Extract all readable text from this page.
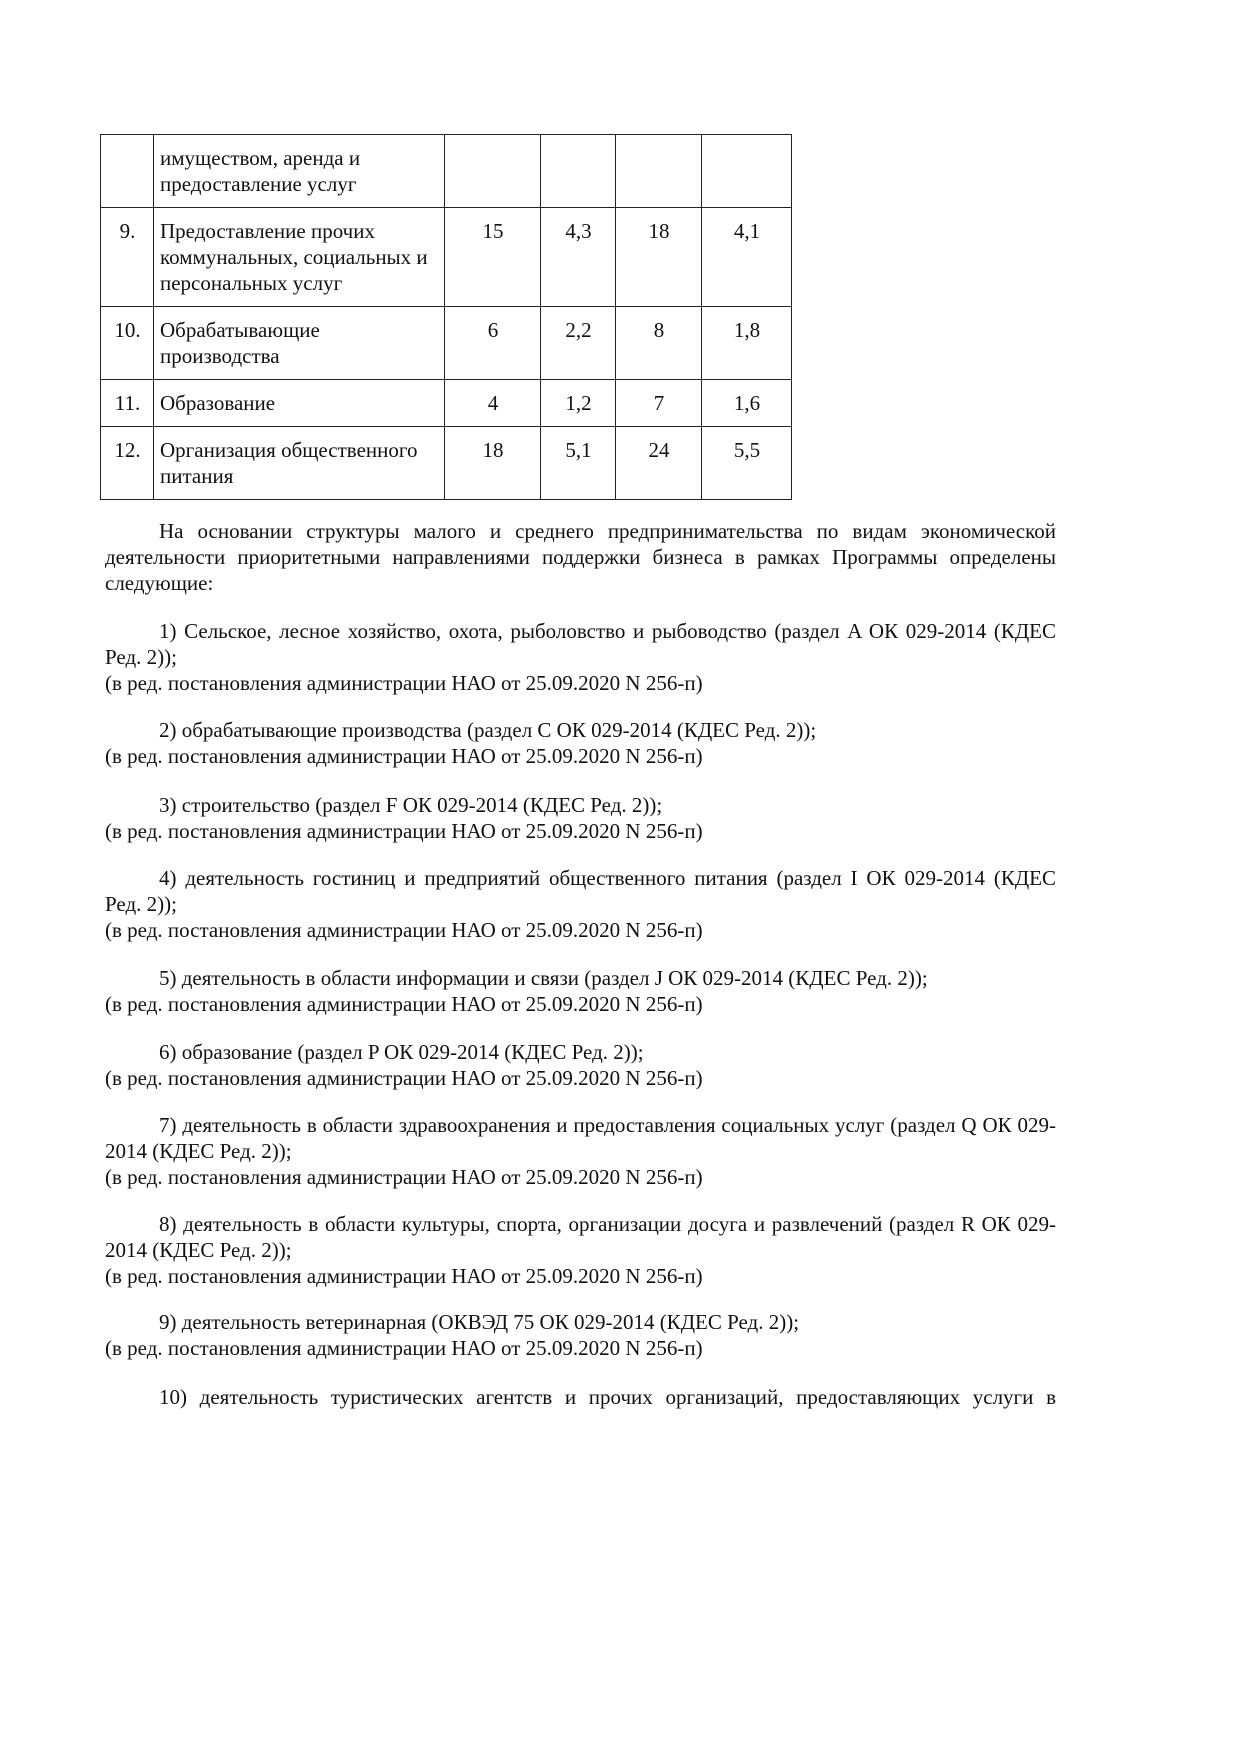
	имуществом, аренда и предоставление услуг				
9.	Предоставление прочих коммунальных, социальных и персональных услуг	15	4,3	18	4,1
10.	Обрабатывающие производства	6	2,2	8	1,8
11.	Образование	4	1,2	7	1,6
12.	Организация общественного питания	18	5,1	24	5,5

На основании структуры малого и среднего предпринимательства по видам экономической деятельности приоритетными направлениями поддержки бизнеса в рамках Программы определены следующие:

1) Сельское, лесное хозяйство, охота, рыболовство и рыбоводство (раздел A ОК 029-2014 (КДЕС Ред. 2));

(в ред. постановления администрации НАО от 25.09.2020 N 256-п)

2) обрабатывающие производства (раздел C ОК 029-2014 (КДЕС Ред. 2));

(в ред. постановления администрации НАО от 25.09.2020 N 256-п)

3) строительство (раздел F ОК 029-2014 (КДЕС Ред. 2));

(в ред. постановления администрации НАО от 25.09.2020 N 256-п)

4) деятельность гостиниц и предприятий общественного питания (раздел I ОК 029-2014 (КДЕС Ред. 2));

(в ред. постановления администрации НАО от 25.09.2020 N 256-п)

5) деятельность в области информации и связи (раздел J ОК 029-2014 (КДЕС Ред. 2));

(в ред. постановления администрации НАО от 25.09.2020 N 256-п)

6) образование (раздел P ОК 029-2014 (КДЕС Ред. 2));

(в ред. постановления администрации НАО от 25.09.2020 N 256-п)

7) деятельность в области здравоохранения и предоставления социальных услуг (раздел Q ОК 029-2014 (КДЕС Ред. 2));

(в ред. постановления администрации НАО от 25.09.2020 N 256-п)

8) деятельность в области культуры, спорта, организации досуга и развлечений (раздел R ОК 029-2014 (КДЕС Ред. 2));

(в ред. постановления администрации НАО от 25.09.2020 N 256-п)

9) деятельность ветеринарная (ОКВЭД 75 ОК 029-2014 (КДЕС Ред. 2));

(в ред. постановления администрации НАО от 25.09.2020 N 256-п)

10) деятельность туристических агентств и прочих организаций, предоставляющих услуги в
